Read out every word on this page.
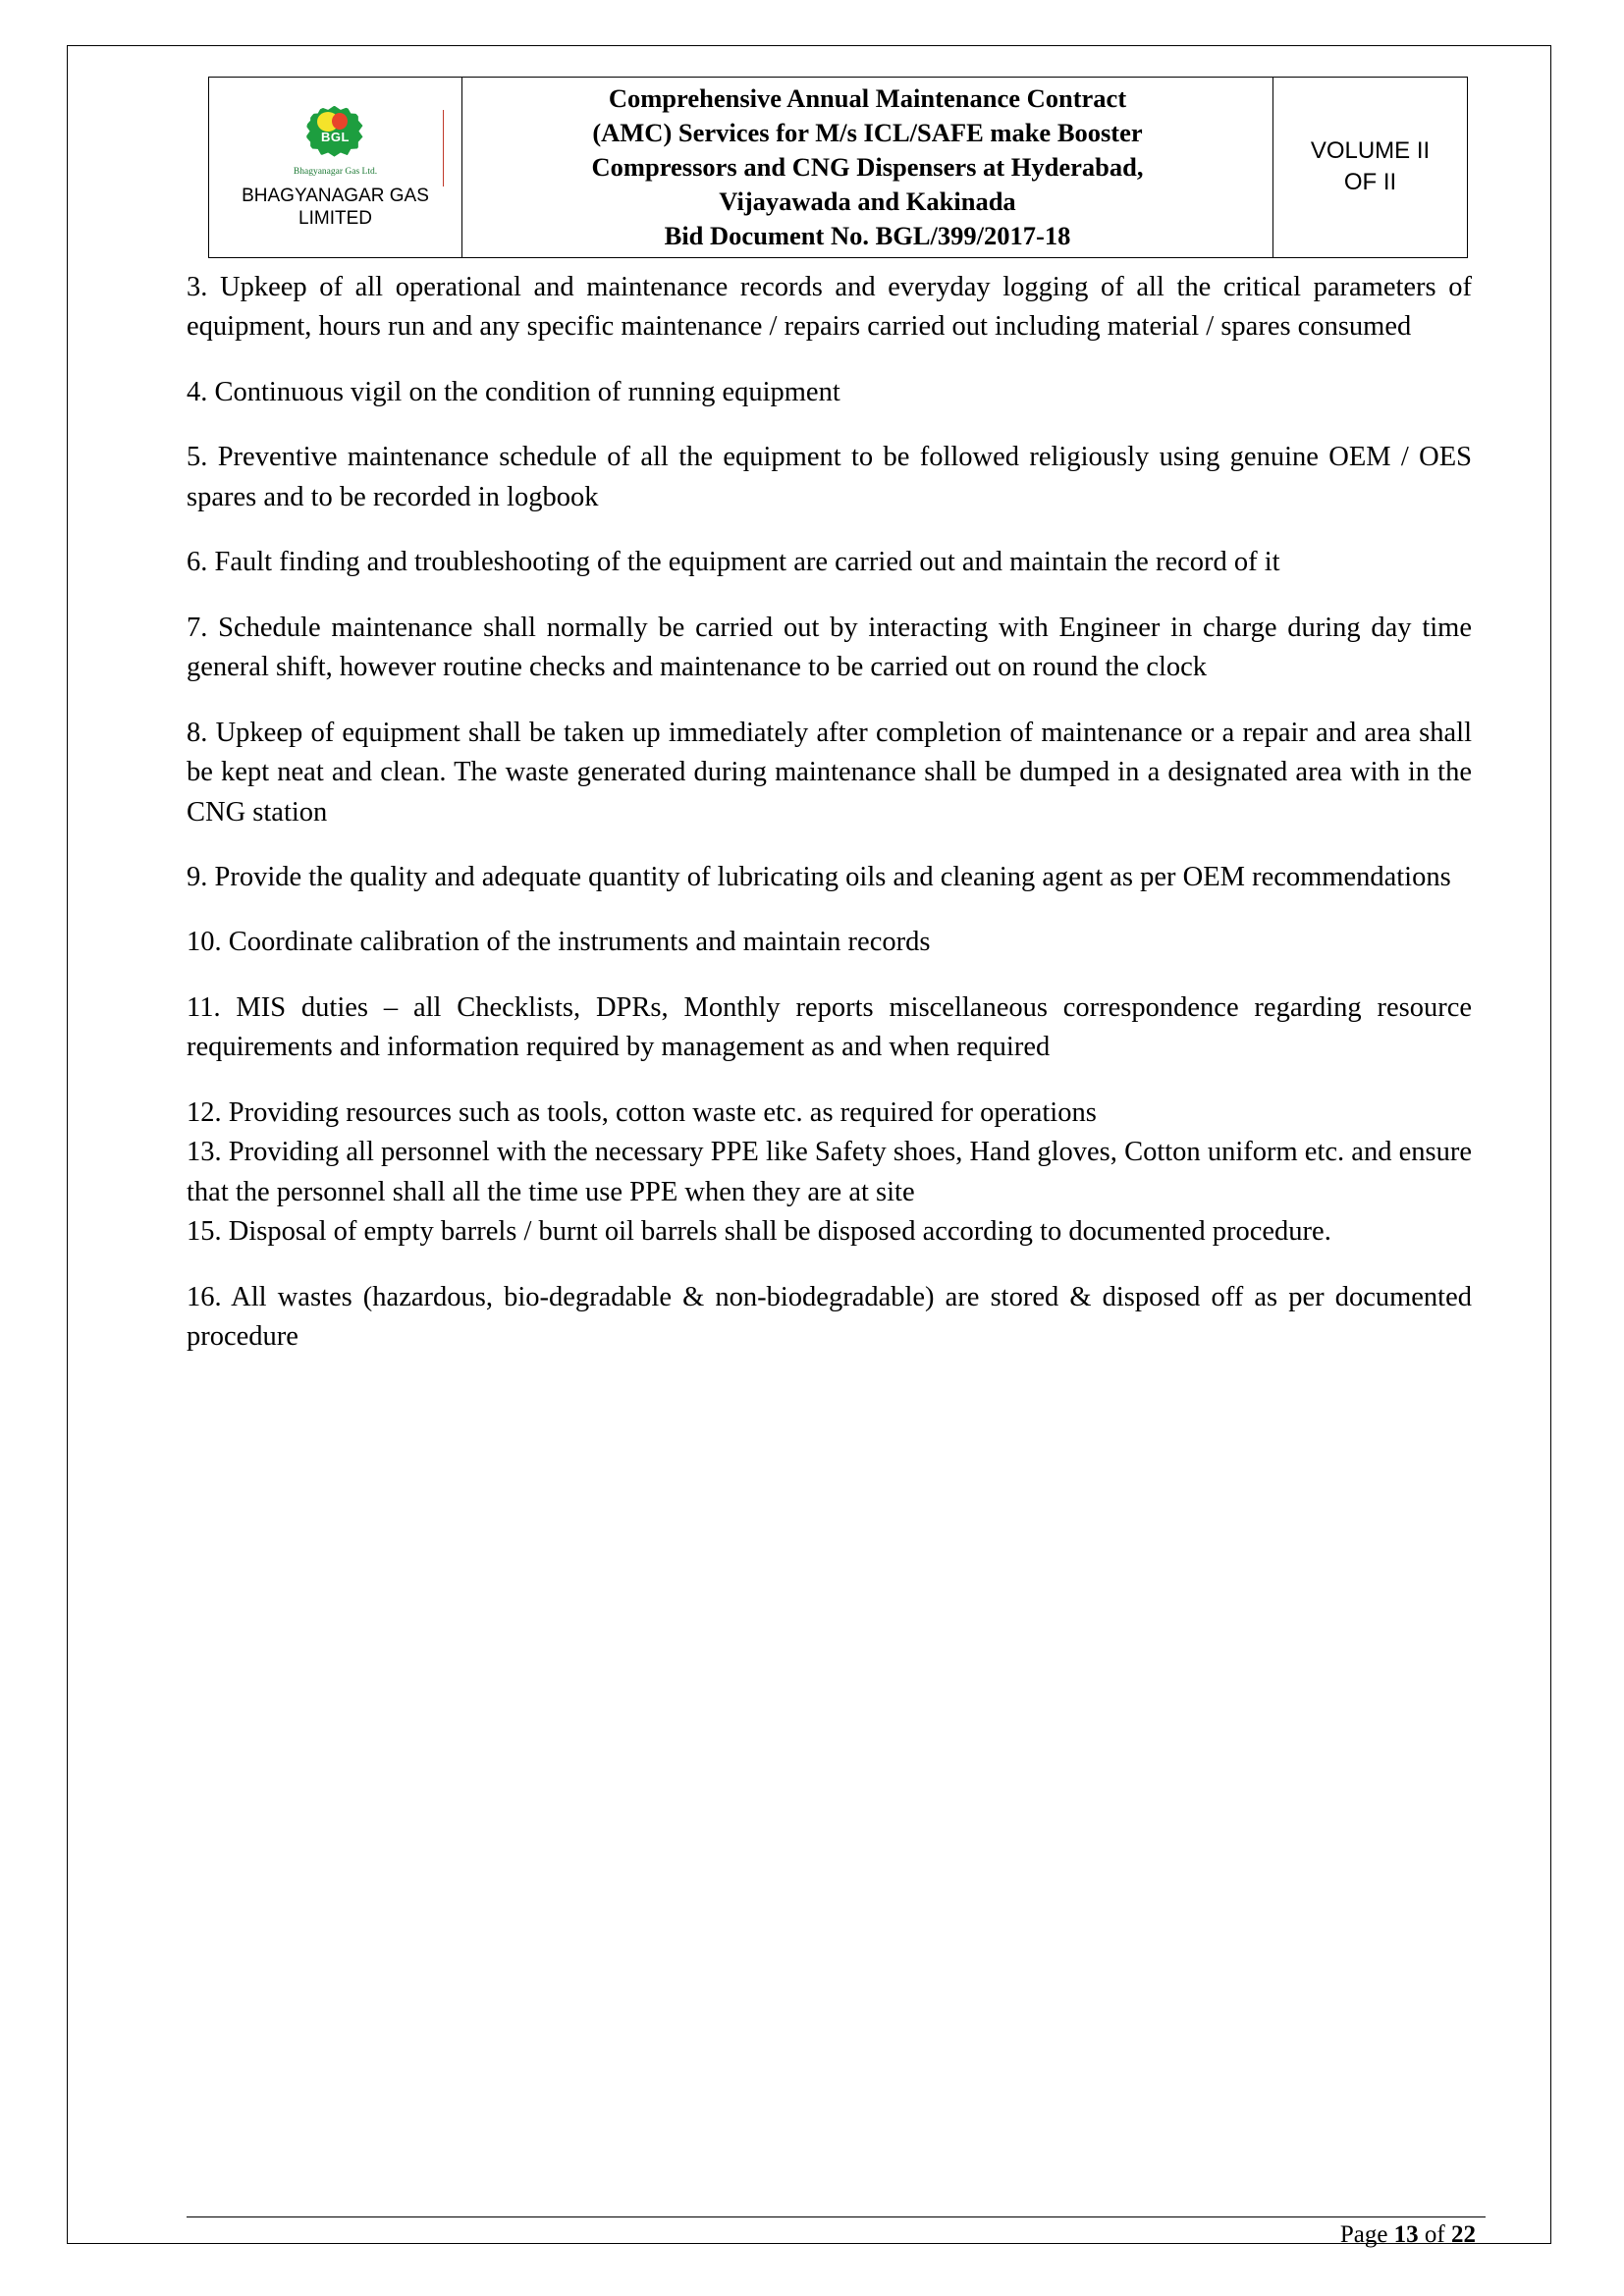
BGL
Bhagyanagar Gas Ltd.
BHAGYANAGAR GAS LIMITED

Comprehensive Annual Maintenance Contract
(AMC) Services for M/s ICL/SAFE make Booster
Compressors and CNG Dispensers at Hyderabad,
Vijayawada and Kakinada
Bid Document No. BGL/399/2017-18

VOLUME II
OF II

3. Upkeep of all operational and maintenance records and everyday logging of all the critical parameters of equipment, hours run and any specific maintenance / repairs carried out including material / spares consumed

4. Continuous vigil on the condition of running equipment

5. Preventive maintenance schedule of all the equipment to be followed religiously using genuine OEM / OES spares and to be recorded in logbook

6. Fault finding and troubleshooting of the equipment are carried out and maintain the record of it

7. Schedule maintenance shall normally be carried out by interacting with Engineer in charge during day time general shift, however routine checks and maintenance to be carried out on round the clock

8. Upkeep of equipment shall be taken up immediately after completion of maintenance or a repair and area shall be kept neat and clean. The waste generated during maintenance shall be dumped in a designated area with in the CNG station

9. Provide the quality and adequate quantity of lubricating oils and cleaning agent as per OEM recommendations

10. Coordinate calibration of the instruments and maintain records

11. MIS duties – all Checklists, DPRs, Monthly reports miscellaneous correspondence regarding resource requirements and information required by management as and when required

12. Providing resources such as tools, cotton waste etc. as required for operations

13. Providing all personnel with the necessary PPE like Safety shoes, Hand gloves, Cotton uniform etc. and ensure that the personnel shall all the time use PPE when they are at site

15. Disposal of empty barrels / burnt oil barrels shall be disposed according to documented procedure.

16. All wastes (hazardous, bio-degradable & non-biodegradable) are stored & disposed off as per documented procedure

Page 13 of 22
